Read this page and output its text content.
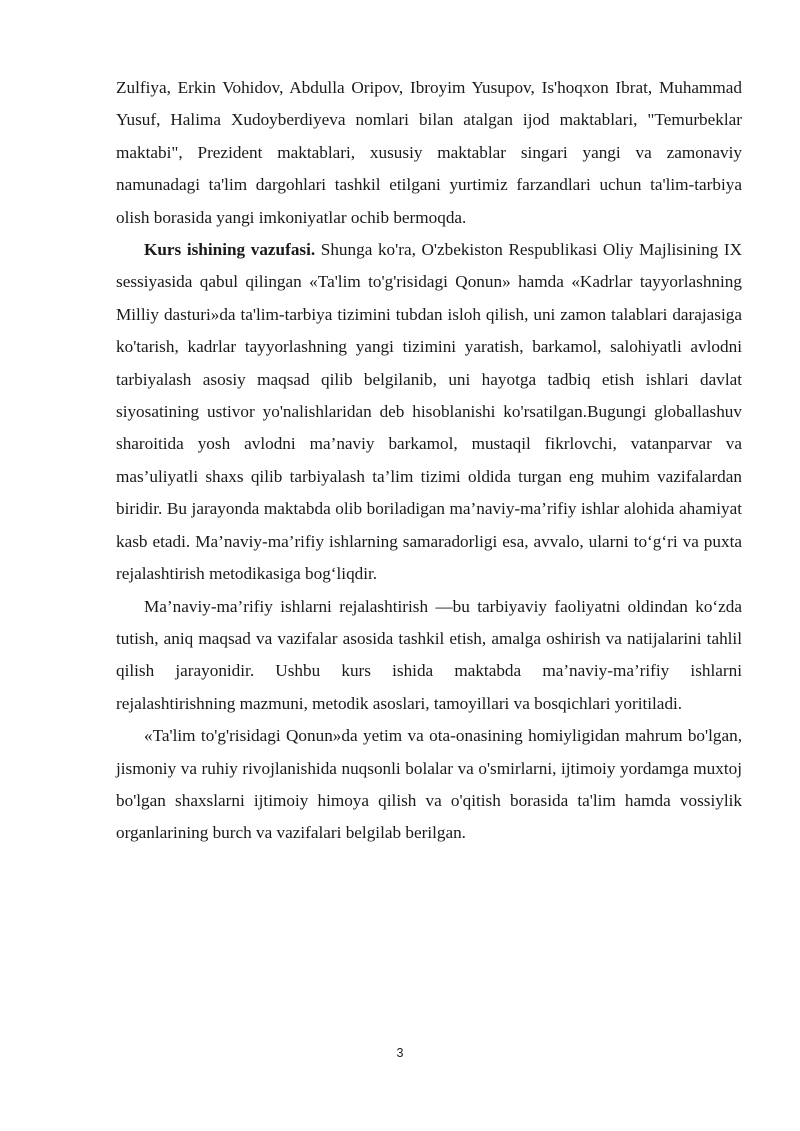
Zulfiya, Erkin Vohidov, Abdulla Oripov, Ibroyim Yusupov, Is'hoqxon Ibrat, Muhammad Yusuf, Halima Xudoyberdiyeva nomlari bilan atalgan ijod maktablari, "Temurbeklar maktabi", Prezident maktablari, xususiy maktablar singari yangi va zamonaviy namunadagi ta'lim dargohlari tashkil etilgani yurtimiz farzandlari uchun ta'lim-tarbiya olish borasida yangi imkoniyatlar ochib bermoqda.

Kurs ishining vazufasi. Shunga ko'ra, O'zbekiston Respublikasi Oliy Majlisining IX sessiyasida qabul qilingan «Ta'lim to'g'risidagi Qonun» hamda «Kadrlar tayyorlashning Milliy dasturi»da ta'lim-tarbiya tizimini tubdan isloh qilish, uni zamon talablari darajasiga ko'tarish, kadrlar tayyorlashning yangi tizimini yaratish, barkamol, salohiyatli avlodni tarbiyalash asosiy maqsad qilib belgilanib, uni hayotga tadbiq etish ishlari davlat siyosatining ustivor yo'nalishlaridan deb hisoblanishi ko'rsatilgan.Bugungi globallashuv sharoitida yosh avlodni ma’naviy barkamol, mustaqil fikrlovchi, vatanparvar va mas’uliyatli shaxs qilib tarbiyalash ta’lim tizimi oldida turgan eng muhim vazifalardan biridir. Bu jarayonda maktabda olib boriladigan ma’naviy-ma’rifiy ishlar alohida ahamiyat kasb etadi. Ma’naviy-ma’rifiy ishlarning samaradorligi esa, avvalo, ularni to‘g‘ri va puxta rejalashtirish metodikasiga bog‘liqdir.

Ma’naviy-ma’rifiy ishlarni rejalashtirish —bu tarbiyaviy faoliyatni oldindan ko‘zda tutish, aniq maqsad va vazifalar asosida tashkil etish, amalga oshirish va natijalarini tahlil qilish jarayonidir. Ushbu kurs ishida maktabda ma’naviy-ma’rifiy ishlarni rejalashtirishning mazmuni, metodik asoslari, tamoyillari va bosqichlari yoritiladi.

«Ta'lim to'g'risidagi Qonun»da yetim va ota-onasining homiyligidan mahrum bo'lgan, jismoniy va ruhiy rivojlanishida nuqsonli bolalar va o'smirlarni, ijtimoiy yordamga muxtoj bo'lgan shaxslarni ijtimoiy himoya qilish va o'qitish borasida ta'lim hamda vossiylik organlarining burch va vazifalari belgilab berilgan.

3
